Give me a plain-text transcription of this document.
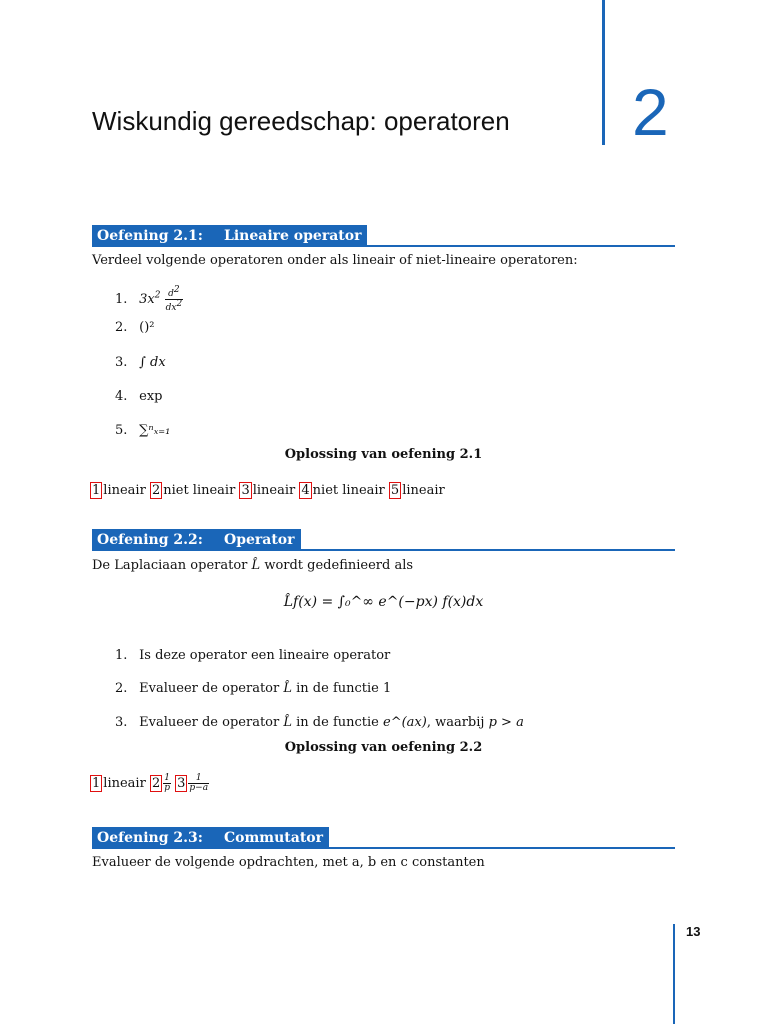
Wiskundig gereedschap: operatoren 2
Oefening 2.1: Lineaire operator
Verdeel volgende operatoren onder als lineair of niet-lineaire operatoren:
1. $3x^2 \frac{d^2}{dx^2}$
2. ()²
3. ∫ dx
4. exp
5. ∑ⁿₓ₌₁
Oplossing van oefening 2.1
1 lineair 2 niet lineair 3 lineair 4 niet lineair 5 lineair
Oefening 2.2: Operator
De Laplaciaan operator L̂ wordt gedefinieerd als
L̂f(x) = ∫₀^∞ e^(−px) f(x)dx
1. Is deze operator een lineaire operator
2. Evalueer de operator L̂ in de functie 1
3. Evalueer de operator L̂ in de functie e^(ax), waarbij p > a
Oplossing van oefening 2.2
1 lineair $2 \frac{1}{p} 3 \frac{1}{p-a}$
Oefening 2.3: Commutator
Evalueer de volgende opdrachten, met a, b en c constanten
13
